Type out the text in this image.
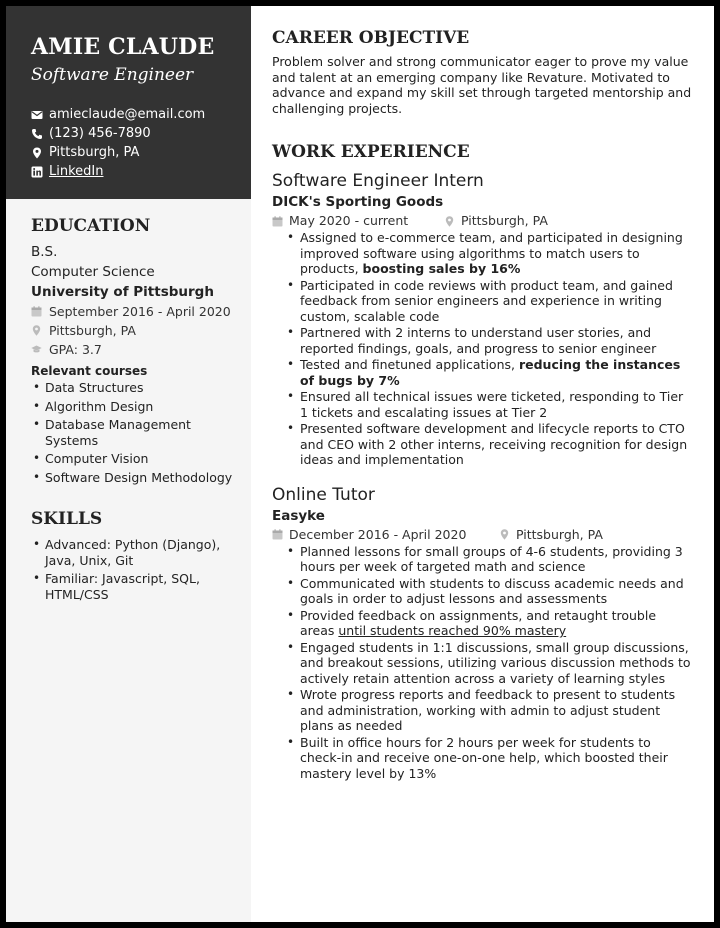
AMIE CLAUDE
Software Engineer
amieclaude@email.com
(123) 456-7890
Pittsburgh, PA
LinkedIn
EDUCATION
B.S.
Computer Science
University of Pittsburgh
September 2016 - April 2020
Pittsburgh, PA
GPA: 3.7
Relevant courses
• Data Structures
• Algorithm Design
• Database Management Systems
• Computer Vision
• Software Design Methodology
SKILLS
• Advanced: Python (Django), Java, Unix, Git
• Familiar: Javascript, SQL, HTML/CSS
CAREER OBJECTIVE
Problem solver and strong communicator eager to prove my value and talent at an emerging company like Revature. Motivated to advance and expand my skill set through targeted mentorship and challenging projects.
WORK EXPERIENCE
Software Engineer Intern
DICK's Sporting Goods
May 2020 - current	Pittsburgh, PA
• Assigned to e-commerce team, and participated in designing improved software using algorithms to match users to products, boosting sales by 16%
• Participated in code reviews with product team, and gained feedback from senior engineers and experience in writing custom, scalable code
• Partnered with 2 interns to understand user stories, and reported findings, goals, and progress to senior engineer
• Tested and finetuned applications, reducing the instances of bugs by 7%
• Ensured all technical issues were ticketed, responding to Tier 1 tickets and escalating issues at Tier 2
• Presented software development and lifecycle reports to CTO and CEO with 2 other interns, receiving recognition for design ideas and implementation
Online Tutor
Easyke
December 2016 - April 2020	Pittsburgh, PA
• Planned lessons for small groups of 4-6 students, providing 3 hours per week of targeted math and science
• Communicated with students to discuss academic needs and goals in order to adjust lessons and assessments
• Provided feedback on assignments, and retaught trouble areas until students reached 90% mastery
• Engaged students in 1:1 discussions, small group discussions, and breakout sessions, utilizing various discussion methods to actively retain attention across a variety of learning styles
• Wrote progress reports and feedback to present to students and administration, working with admin to adjust student plans as needed
• Built in office hours for 2 hours per week for students to check-in and receive one-on-one help, which boosted their mastery level by 13%
